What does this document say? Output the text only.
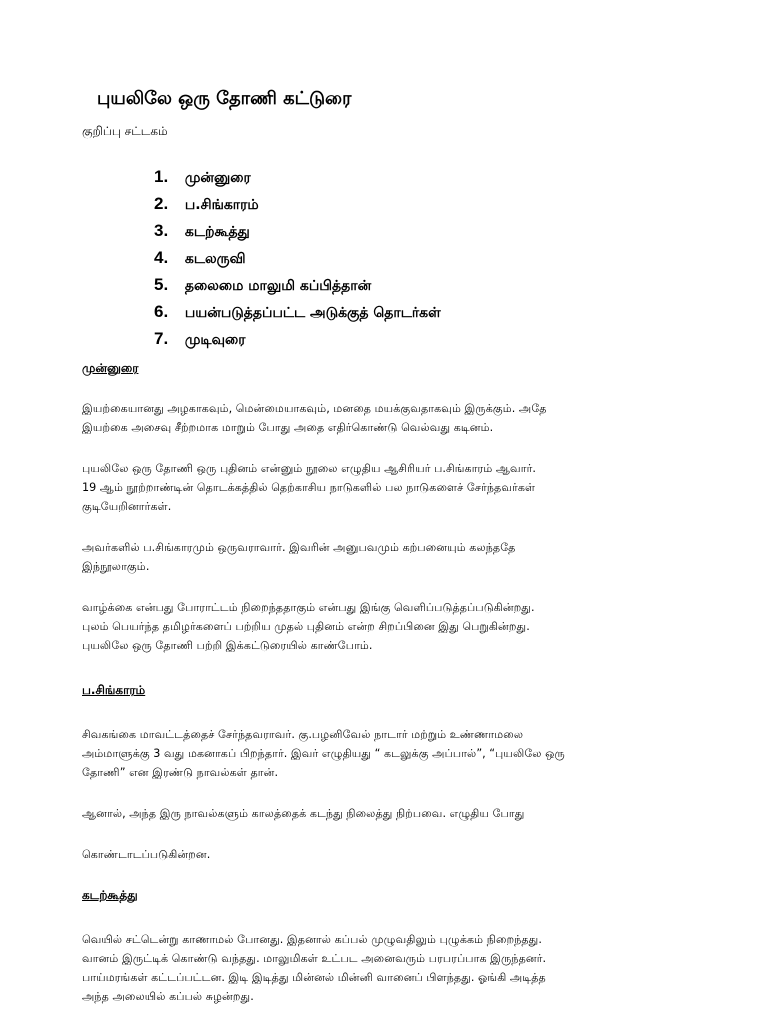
புயலிலே ஒரு தோணி கட்டுரை
குறிப்பு சட்டகம்
1. முன்னுரை
2. ப.சிங்காரம்
3. கடற்கூத்து
4. கடலருவி
5. தலைமை மாலுமி கப்பித்தான்
6. பயன்படுத்தப்பட்ட அடுக்குத் தொடர்கள்
7. முடிவுரை
முன்னுரை

இயற்கையானது அழகாகவும், மென்மையாகவும், மனதை மயக்குவதாகவும் இருக்கும். அதே
இயற்கை அசைவு சீற்றமாக மாறும் போது அதை எதிர்கொண்டு வெல்வது கடினம்.

புயலிலே ஒரு தோணி ஒரு புதினம் என்னும் நூலை எழுதிய ஆசிரியர் ப.சிங்காரம் ஆவார்.
19 ஆம் நூற்றாண்டின் தொடக்கத்தில் தெற்காசிய நாடுகளில் பல நாடுகளைச் சேர்ந்தவர்கள்
குடியேறினார்கள்.

அவர்களில் ப.சிங்காரமும் ஒருவராவார். இவரின் அனுபவமும் கற்பனையும் கலந்ததே
இந்நூலாகும்.

வாழ்க்கை என்பது போராட்டம் நிறைந்ததாகும் என்பது இங்கு வெளிப்படுத்தப்படுகின்றது.
புலம் பெயர்ந்த தமிழர்களைப் பற்றிய முதல் புதினம் என்ற சிறப்பினை இது பெறுகின்றது.
புயலிலே ஒரு தோணி பற்றி இக்கட்டுரையில் காண்போம்.

ப.சிங்காரம்

சிவகங்கை மாவட்டத்தைச் சேர்ந்தவராவர். கு.பழனிவேல் நாடார் மற்றும் உண்ணாமலை
அம்மாளுக்கு 3 வது மகனாகப் பிறந்தார். இவர் எழுதியது “ கடலுக்கு அப்பால்”, “புயலிலே ஒரு
தோணி” என இரண்டு நாவல்கள் தான்.

ஆனால், அந்த இரு நாவல்களும் காலத்தைக் கடந்து நிலைத்து நிற்பவை. எழுதிய போது

கொண்டாடப்படுகின்றன.

கடற்கூத்து

வெயில் சட்டென்று காணாமல் போனது. இதனால் கப்பல் முழுவதிலும் புழுக்கம் நிறைந்தது.
வானம் இருட்டிக் கொண்டு வந்தது. மாலுமிகள் உட்பட அனைவரும் பரபரப்பாக இருந்தனர்.
பாய்மரங்கள் கட்டப்பட்டன. இடி இடித்து மின்னல் மின்னி வானைப் பிளந்தது. ஓங்கி அடித்த
அந்த அலையில் கப்பல் சுழன்றது.
